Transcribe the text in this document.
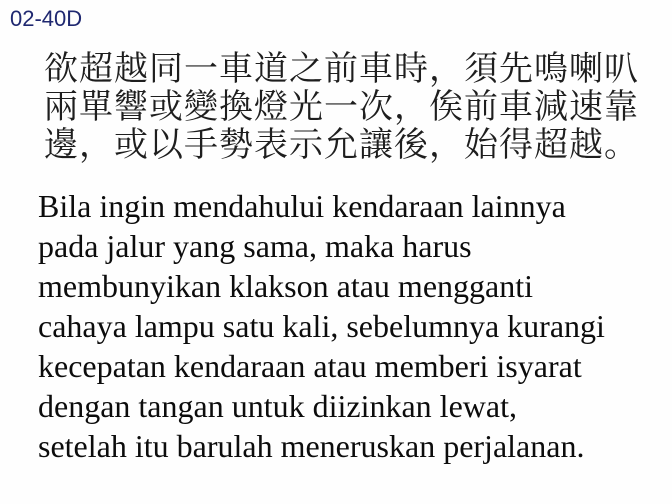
02-40D
欲超越同一車道之前車時，須先鳴喇叭
兩單響或變換燈光一次，俟前車減速靠
邊，或以手勢表示允讓後，始得超越。
Bila ingin mendahului kendaraan lainnya
pada jalur yang sama, maka harus
membunyikan klakson atau mengganti
cahaya lampu satu kali, sebelumnya kurangi
kecepatan kendaraan atau memberi isyarat
dengan tangan untuk diizinkan lewat,
setelah itu barulah meneruskan perjalanan.
